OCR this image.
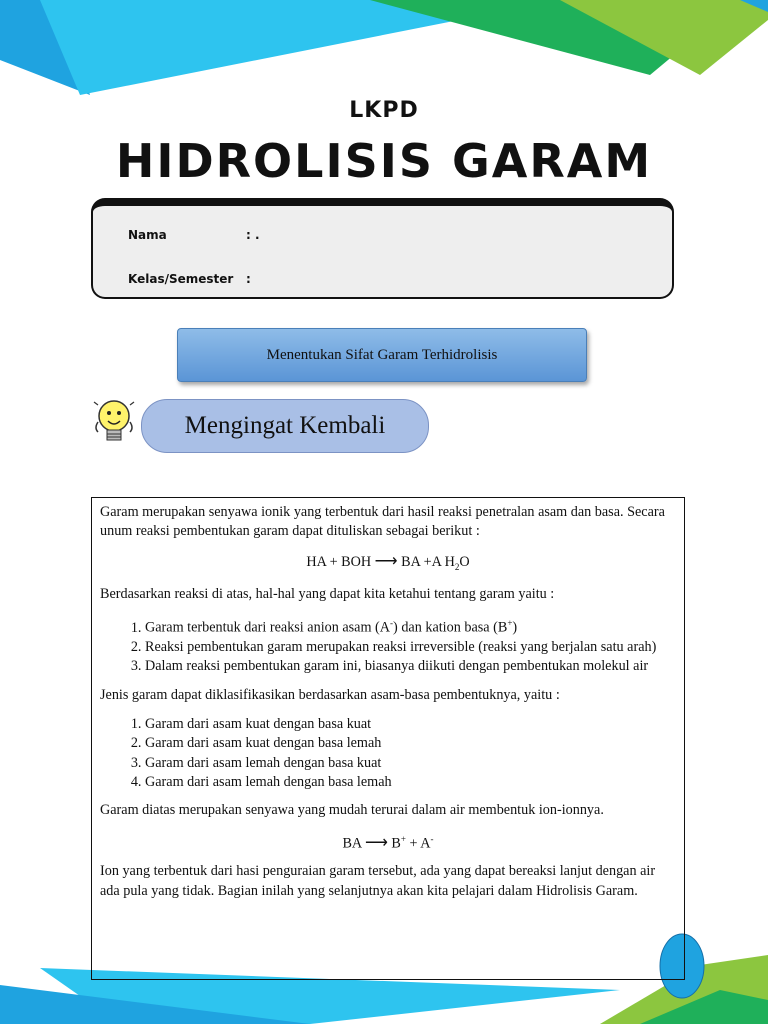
LKPD
HIDROLISIS GARAM
Nama	: .
Kelas/Semester :
Menentukan Sifat Garam Terhidrolisis
Mengingat Kembali

Garam merupakan senyawa ionik yang terbentuk dari hasil reaksi penetralan asam dan basa. Secara unum reaksi pembentukan garam dapat dituliskan sebagai berikut :

HA + BOH ⟶ BA +A $H_2O$

Berdasarkan reaksi di atas, hal-hal yang dapat kita ketahui tentang garam yaitu :

1. Garam terbentuk dari reaksi anion asam (A-) dan kation basa (B+)
2. Reaksi pembentukan garam merupakan reaksi irreversible (reaksi yang berjalan satu arah)
3. Dalam reaksi pembentukan garam ini, biasanya diikuti dengan pembentukan molekul air

Jenis garam dapat diklasifikasikan berdasarkan asam-basa pembentuknya, yaitu :

1. Garam dari asam kuat dengan basa kuat
2. Garam dari asam kuat dengan basa lemah
3. Garam dari asam lemah dengan basa kuat
4. Garam dari asam lemah dengan basa lemah

Garam diatas merupakan senyawa yang mudah terurai dalam air membentuk ion-ionnya.

BA ⟶ B+ + A-

Ion yang terbentuk dari hasi penguraian garam tersebut, ada yang dapat bereaksi lanjut dengan air ada pula yang tidak. Bagian inilah yang selanjutnya akan kita pelajari dalam Hidrolisis Garam.
